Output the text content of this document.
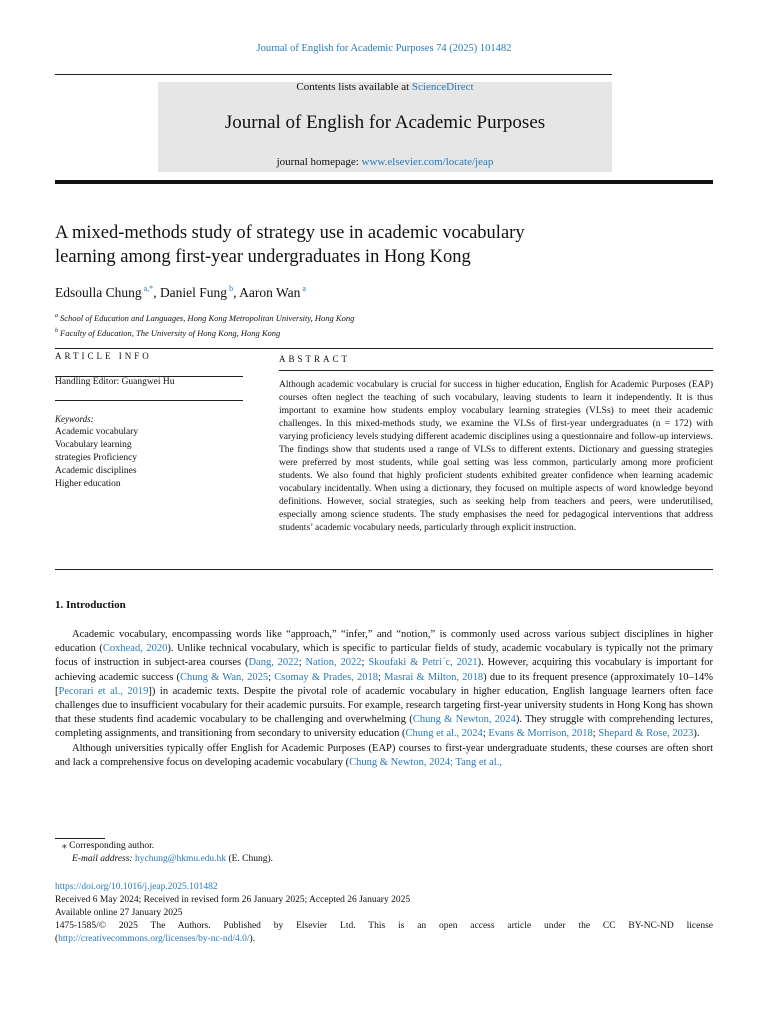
Journal of English for Academic Purposes 74 (2025) 101482
Contents lists available at ScienceDirect
Journal of English for Academic Purposes
journal homepage: www.elsevier.com/locate/jeap
A mixed-methods study of strategy use in academic vocabulary
learning among first-year undergraduates in Hong Kong
Edsoulla Chung $^{a,*}$, Daniel Fung $^b$, Aaron Wan $^a$
$^a$ School of Education and Languages, Hong Kong Metropolitan University, Hong Kong
$^b$ Faculty of Education, The University of Hong Kong, Hong Kong
ARTICLE INFO	ABSTRACT
Handling Editor: Guangwei Hu
Keywords:
Academic vocabulary
Vocabulary learning
strategies Proficiency
Academic disciplines
Higher education

Although academic vocabulary is crucial for success in higher education, English for Academic Purposes (EAP) courses often neglect the teaching of such vocabulary, leaving students to learn it independently. It is thus important to examine how students employ vocabulary learning strategies (VLSs) to meet their academic challenges. In this mixed-methods study, we examine the VLSs of first-year undergraduates (n = 172) with varying proficiency levels studying different academic disciplines using a questionnaire and follow-up interviews. The findings show that students used a range of VLSs to different extents. Dictionary and guessing strategies were preferred by most students, while goal setting was less common, particularly among more proficient students. We also found that highly proficient students exhibited greater confidence when learning academic vocabulary incidentally. When using a dictionary, they focused on multiple aspects of word knowledge beyond definitions. However, social strategies, such as seeking help from teachers and peers, were underutilised, especially among science students. The study emphasises the need for pedagogical interventions that address students’ academic vocabulary needs, particularly through explicit instruction.

1. Introduction

Academic vocabulary, encompassing words like “approach,” “infer,” and “notion,” is commonly used across various subject disciplines in higher education (Coxhead, 2020). Unlike technical vocabulary, which is specific to particular fields of study, academic vocabulary is typically not the primary focus of instruction in subject-area courses (Dang, 2022; Nation, 2022; Skoufaki & Petri´c, 2021). However, acquiring this vocabulary is important for achieving academic success (Chung & Wan, 2025; Csomay & Prades, 2018; Masrai & Milton, 2018) due to its frequent presence (approximately 10–14% [Pecorari et al., 2019]) in academic texts. Despite the pivotal role of academic vocabulary in higher education, English language learners often face challenges due to insufficient vocabulary for their academic pursuits. For example, research targeting first-year university students in Hong Kong has shown that these students find academic vocabulary to be challenging and overwhelming (Chung & Newton, 2024). They struggle with comprehending lectures, completing assignments, and transitioning from secondary to university education (Chung et al., 2024; Evans & Morrison, 2018; Shepard & Rose, 2023).

Although universities typically offer English for Academic Purposes (EAP) courses to first-year undergraduate students, these courses are often short and lack a comprehensive focus on developing academic vocabulary (Chung & Newton, 2024; Tang et al.,

⁎ Corresponding author.
E-mail address: hychung@hkmu.edu.hk (E. Chung).
https://doi.org/10.1016/j.jeap.2025.101482
Received 6 May 2024; Received in revised form 26 January 2025; Accepted 26 January 2025
Available online 27 January 2025
1475-1585/© 2025 The Authors. Published by Elsevier Ltd. This is an open access article under the CC BY-NC-ND license
(http://creativecommons.org/licenses/by-nc-nd/4.0/).
